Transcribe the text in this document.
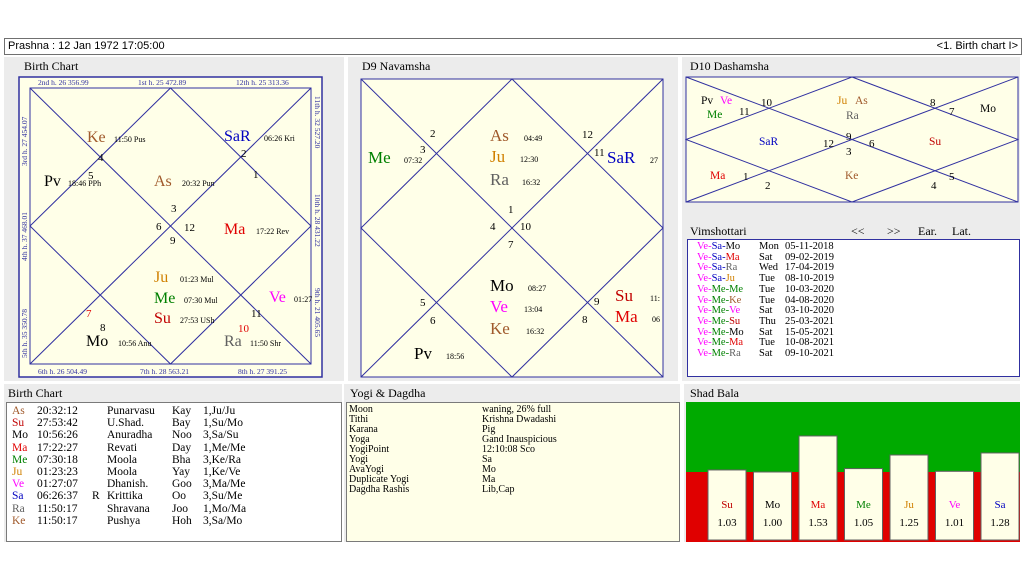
Prashna : 12 Jan 1972 17:05:00	<1. Birth chart I>
Birth Chart
2nd h. 26 356.99	1st h. 25 472.89	12th h. 25 313.36
6th h. 26 504.49	7th h. 28 563.21	8th h. 27 391.25
3rd h. 27 454.07
4th h. 37 468.01
5th h. 35 350.78
11th h. 32 527.20
10th h. 28 431.22
9th h. 21 405.65
2
1
3
12
6
9
4
5
7
8
11
10
Ke 11:50 Pus	SaR 06:26 Kri
Pv 18:46 PPh	As 20:32 Pun
Ma 17:22 Rev
Ju 01:23 Mul
Me 07:30 Mul
Su 27:53 USh
Ve 01:27
Mo 10:56 Anu	Ra 11:50 Shr
D9 Navamsha
2
3
12
11
1
4 10
7
5
6
9
8
Me 07:32
As 04:49
Ju 12:30
Ra 16:32
SaR 27
Mo 08:27
Ve 13:04
Ke 16:32
Su 11:
Ma 06
Pv 18:56
D10 Dashamsha
10
11
8
7
12
9
3
6
1
2	4
5
Pv Ve
Me
Ju As
Ra
Mo
SaR	Su
Ma	Ke
Vimshottari	<< >> Ear. Lat.
Ve-Sa-Mo	Mon	05-11-2018
Ve-Sa-Ma	Sat	09-02-2019
Ve-Sa-Ra	Wed	17-04-2019
Ve-Sa-Ju	Tue	08-10-2019
Ve-Me-Me	Tue	10-03-2020
Ve-Me-Ke	Tue	04-08-2020
Ve-Me-Ve	Sat	03-10-2020
Ve-Me-Su	Thu	25-03-2021
Ve-Me-Mo	Sat	15-05-2021
Ve-Me-Ma	Tue	10-08-2021
Ve-Me-Ra	Sat	09-10-2021
Birth Chart
As	20:32:12		Punarvasu	Kay	1,Ju/Ju
Su	27:53:42		U.Shad.	Bay	1,Su/Mo
Mo	10:56:26		Anuradha	Noo	3,Sa/Su
Ma	17:22:27		Revati	Day	1,Me/Me
Me	07:30:18		Moola	Bha	3,Ke/Ra
Ju	01:23:23		Moola	Yay	1,Ke/Ve
Ve	01:27:07		Dhanish.	Goo	3,Ma/Me
Sa	06:26:37	R	Krittika	Oo	3,Su/Me
Ra	11:50:17		Shravana	Joo	1,Mo/Ma
Ke	11:50:17		Pushya	Hoh	3,Sa/Mo
Yogi & Dagdha
Moon	waning, 26% full
Tithi	Krishna Dwadashi
Karana	Pig
Yoga	Gand Inauspicious
YogiPoint	12:10:08 Sco
Yogi	Sa
AvaYogi	Mo
Duplicate Yogi	Ma
Dagdha Rashis	Lib,Cap
Shad Bala
Su
1.03
Mo
1.00
Ma
1.53
Me
1.05
Ju
1.25
Ve
1.01
Sa
1.28
